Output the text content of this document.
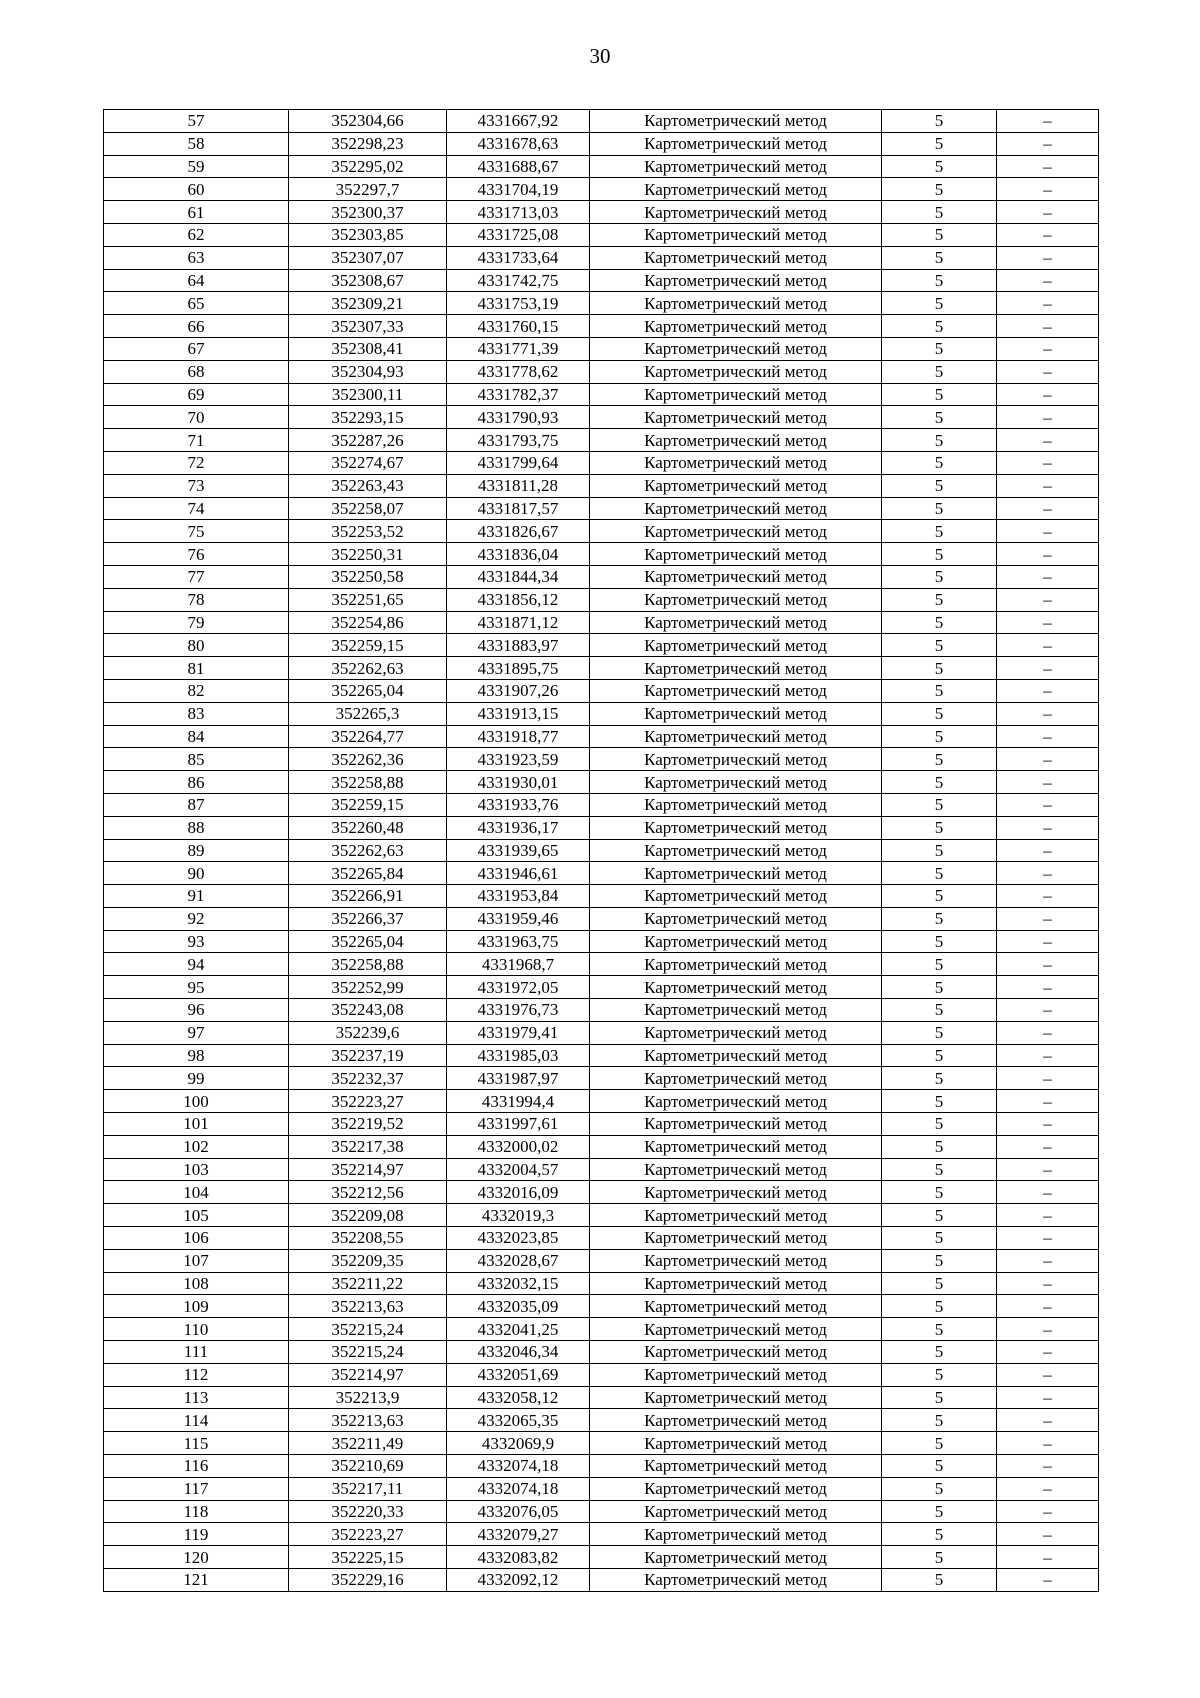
30
57	352304,66	4331667,92	Картометрический метод	5	–
58	352298,23	4331678,63	Картометрический метод	5	–
59	352295,02	4331688,67	Картометрический метод	5	–
60	352297,7	4331704,19	Картометрический метод	5	–
61	352300,37	4331713,03	Картометрический метод	5	–
62	352303,85	4331725,08	Картометрический метод	5	–
63	352307,07	4331733,64	Картометрический метод	5	–
64	352308,67	4331742,75	Картометрический метод	5	–
65	352309,21	4331753,19	Картометрический метод	5	–
66	352307,33	4331760,15	Картометрический метод	5	–
67	352308,41	4331771,39	Картометрический метод	5	–
68	352304,93	4331778,62	Картометрический метод	5	–
69	352300,11	4331782,37	Картометрический метод	5	–
70	352293,15	4331790,93	Картометрический метод	5	–
71	352287,26	4331793,75	Картометрический метод	5	–
72	352274,67	4331799,64	Картометрический метод	5	–
73	352263,43	4331811,28	Картометрический метод	5	–
74	352258,07	4331817,57	Картометрический метод	5	–
75	352253,52	4331826,67	Картометрический метод	5	–
76	352250,31	4331836,04	Картометрический метод	5	–
77	352250,58	4331844,34	Картометрический метод	5	–
78	352251,65	4331856,12	Картометрический метод	5	–
79	352254,86	4331871,12	Картометрический метод	5	–
80	352259,15	4331883,97	Картометрический метод	5	–
81	352262,63	4331895,75	Картометрический метод	5	–
82	352265,04	4331907,26	Картометрический метод	5	–
83	352265,3	4331913,15	Картометрический метод	5	–
84	352264,77	4331918,77	Картометрический метод	5	–
85	352262,36	4331923,59	Картометрический метод	5	–
86	352258,88	4331930,01	Картометрический метод	5	–
87	352259,15	4331933,76	Картометрический метод	5	–
88	352260,48	4331936,17	Картометрический метод	5	–
89	352262,63	4331939,65	Картометрический метод	5	–
90	352265,84	4331946,61	Картометрический метод	5	–
91	352266,91	4331953,84	Картометрический метод	5	–
92	352266,37	4331959,46	Картометрический метод	5	–
93	352265,04	4331963,75	Картометрический метод	5	–
94	352258,88	4331968,7	Картометрический метод	5	–
95	352252,99	4331972,05	Картометрический метод	5	–
96	352243,08	4331976,73	Картометрический метод	5	–
97	352239,6	4331979,41	Картометрический метод	5	–
98	352237,19	4331985,03	Картометрический метод	5	–
99	352232,37	4331987,97	Картометрический метод	5	–
100	352223,27	4331994,4	Картометрический метод	5	–
101	352219,52	4331997,61	Картометрический метод	5	–
102	352217,38	4332000,02	Картометрический метод	5	–
103	352214,97	4332004,57	Картометрический метод	5	–
104	352212,56	4332016,09	Картометрический метод	5	–
105	352209,08	4332019,3	Картометрический метод	5	–
106	352208,55	4332023,85	Картометрический метод	5	–
107	352209,35	4332028,67	Картометрический метод	5	–
108	352211,22	4332032,15	Картометрический метод	5	–
109	352213,63	4332035,09	Картометрический метод	5	–
110	352215,24	4332041,25	Картометрический метод	5	–
111	352215,24	4332046,34	Картометрический метод	5	–
112	352214,97	4332051,69	Картометрический метод	5	–
113	352213,9	4332058,12	Картометрический метод	5	–
114	352213,63	4332065,35	Картометрический метод	5	–
115	352211,49	4332069,9	Картометрический метод	5	–
116	352210,69	4332074,18	Картометрический метод	5	–
117	352217,11	4332074,18	Картометрический метод	5	–
118	352220,33	4332076,05	Картометрический метод	5	–
119	352223,27	4332079,27	Картометрический метод	5	–
120	352225,15	4332083,82	Картометрический метод	5	–
121	352229,16	4332092,12	Картометрический метод	5	–
